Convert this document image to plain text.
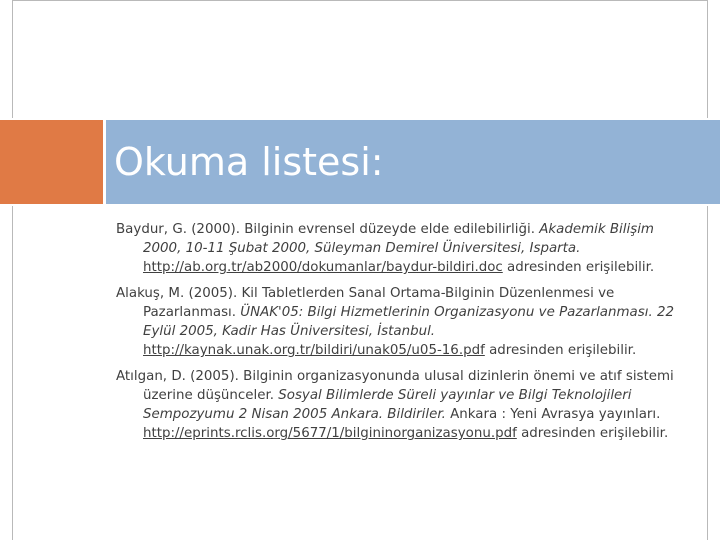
Okuma listesi:

Baydur, G. (2000). Bilginin evrensel düzeyde elde edilebilirliği. Akademik Bilişim 2000, 10-11 Şubat 2000, Süleyman Demirel Üniversitesi, Isparta. http://ab.org.tr/ab2000/dokumanlar/baydur-bildiri.doc adresinden erişilebilir.

Alakuş, M. (2005). Kil Tabletlerden Sanal Ortama-Bilginin Düzenlenmesi ve Pazarlanması. ÜNAK'05: Bilgi Hizmetlerinin Organizasyonu ve Pazarlanması. 22 Eylül 2005, Kadir Has Üniversitesi, İstanbul. http://kaynak.unak.org.tr/bildiri/unak05/u05-16.pdf adresinden erişilebilir.

Atılgan, D. (2005). Bilginin organizasyonunda ulusal dizinlerin önemi ve atıf sistemi üzerine düşünceler. Sosyal Bilimlerde Süreli yayınlar ve Bilgi Teknolojileri Sempozyumu 2 Nisan 2005 Ankara. Bildiriler. Ankara : Yeni Avrasya yayınları. http://eprints.rclis.org/5677/1/bilgininorganizasyonu.pdf adresinden erişilebilir.
